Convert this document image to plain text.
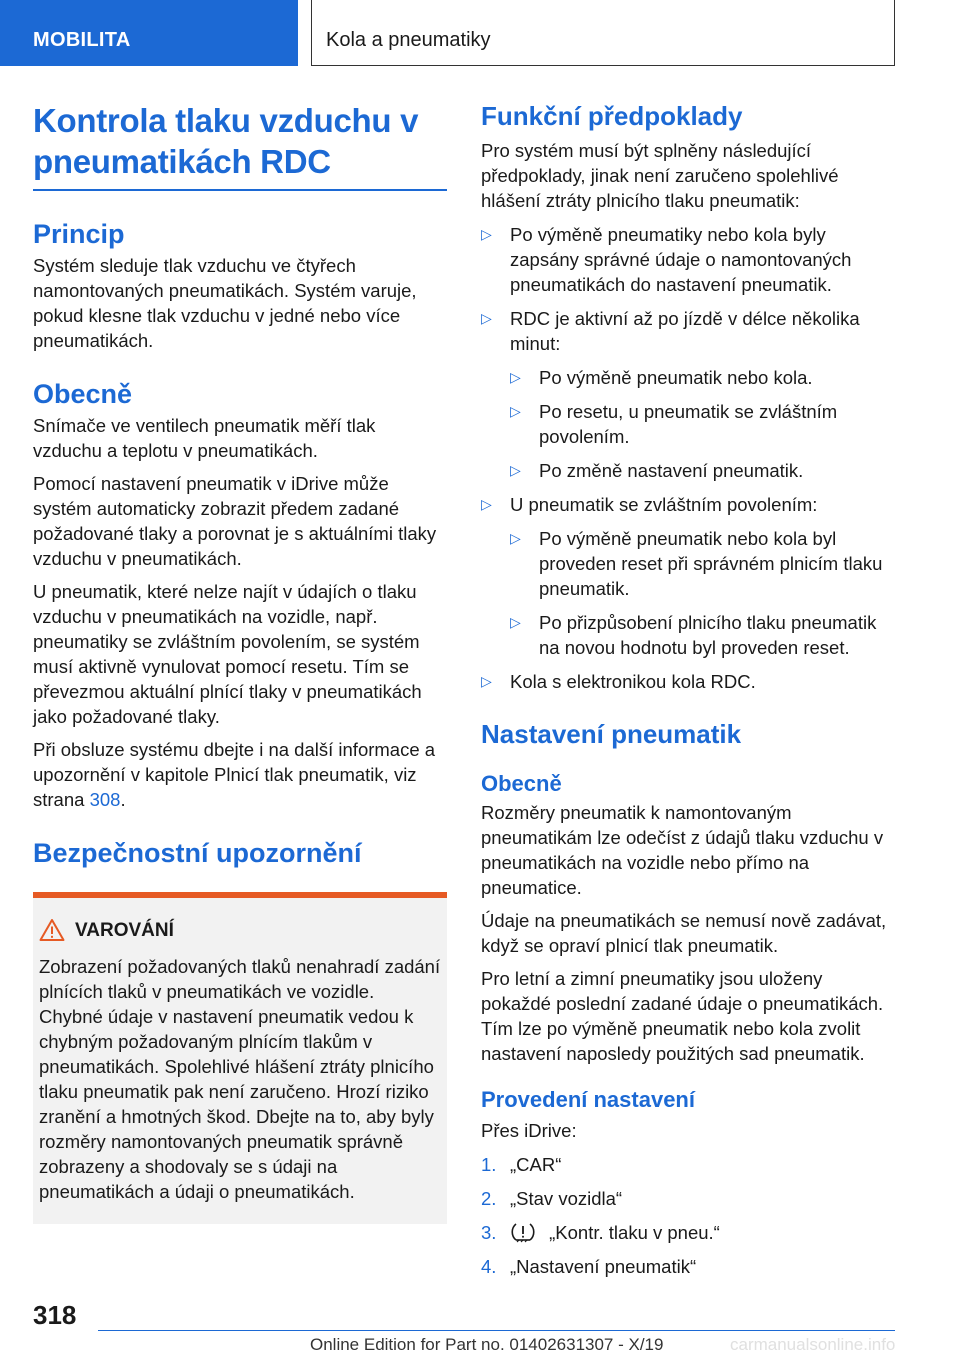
MOBILITA	Kola a pneumatiky
Kontrola tlaku vzduchu v pneumatikách RDC
Princip

Systém sleduje tlak vzduchu ve čtyřech namontovaných pneumatikách. Systém varuje, pokud klesne tlak vzduchu v jedné nebo více pneumatikách.

Obecně

Snímače ve ventilech pneumatik měří tlak vzduchu a teplotu v pneumatikách.

Pomocí nastavení pneumatik v iDrive může systém automaticky zobrazit předem zadané požadované tlaky a porovnat je s aktuálními tlaky vzduchu v pneumatikách.

U pneumatik, které nelze najít v údajích o tlaku vzduchu v pneumatikách na vozidle, např. pneumatiky se zvláštním povolením, se systém musí aktivně vynulovat pomocí resetu. Tím se převezmou aktuální plnící tlaky v pneumatikách jako požadované tlaky.

Při obsluze systému dbejte i na další informace a upozornění v kapitole Plnicí tlak pneumatik, viz strana 308.

Bezpečnostní upozornění
VAROVÁNÍ

Zobrazení požadovaných tlaků nenahradí zadání plnících tlaků v pneumatikách ve vozidle. Chybné údaje v nastavení pneumatik vedou k chybným požadovaným plnícím tlakům v pneumatikách. Spolehlivé hlášení ztráty plnicího tlaku pneumatik pak není zaručeno. Hrozí riziko zranění a hmotných škod. Dbejte na to, aby byly rozměry namontovaných pneumatik správně zobrazeny a shodovaly se s údaji na pneumatikách a údaji o pneumatikách.

Funkční předpoklady

Pro systém musí být splněny následující předpoklady, jinak není zaručeno spolehlivé hlášení ztráty plnicího tlaku pneumatik:

▷ Po výměně pneumatiky nebo kola byly zapsány správné údaje o namontovaných pneumatikách do nastavení pneumatik.
▷ RDC je aktivní až po jízdě v délce několika minut:
▷ Po výměně pneumatik nebo kola.
▷ Po resetu, u pneumatik se zvláštním povolením.
▷ Po změně nastavení pneumatik.
▷ U pneumatik se zvláštním povolením:
▷ Po výměně pneumatik nebo kola byl proveden reset při správném plnicím tlaku pneumatik.
▷ Po přizpůsobení plnicího tlaku pneumatik na novou hodnotu byl proveden reset.
▷ Kola s elektronikou kola RDC.
Nastavení pneumatik
Obecně

Rozměry pneumatik k namontovaným pneumatikám lze odečíst z údajů tlaku vzduchu v pneumatikách na vozidle nebo přímo na pneumatice.

Údaje na pneumatikách se nemusí nově zadávat, když se opraví plnicí tlak pneumatik.

Pro letní a zimní pneumatiky jsou uloženy pokaždé poslední zadané údaje o pneumatikách. Tím lze po výměně pneumatik nebo kola zvolit nastavení naposledy použitých sad pneumatik.

Provedení nastavení

Přes iDrive:

1. „CAR“
2. „Stav vozidla“
3.	„Kontr. tlaku v pneu.“
4. „Nastavení pneumatik“
318
Online Edition for Part no. 01402631307 - X/19	carmanualsonline.info
